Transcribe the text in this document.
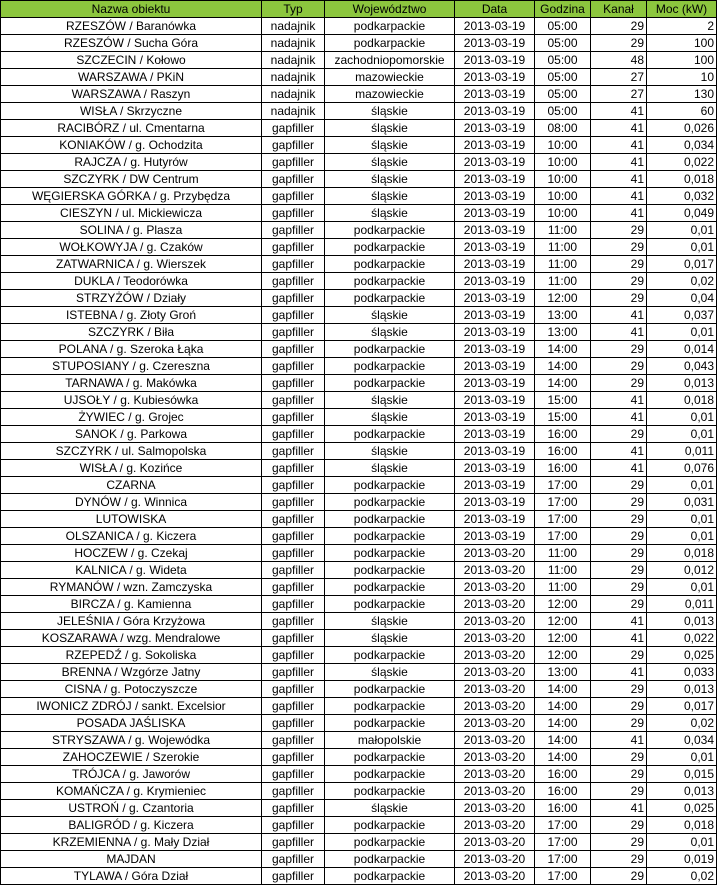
Nazwa obiektu	Typ	Województwo	Data	Godzina	Kanał	Moc (kW)
RZESZÓW / Baranówka	nadajnik	podkarpackie	2013-03-19	05:00	29	2
RZESZÓW / Sucha Góra	nadajnik	podkarpackie	2013-03-19	05:00	29	100
SZCZECIN / Kołowo	nadajnik	zachodniopomorskie	2013-03-19	05:00	48	100
WARSZAWA / PKiN	nadajnik	mazowieckie	2013-03-19	05:00	27	10
WARSZAWA / Raszyn	nadajnik	mazowieckie	2013-03-19	05:00	27	130
WISŁA / Skrzyczne	nadajnik	śląskie	2013-03-19	05:00	41	60
RACIBÓRZ / ul. Cmentarna	gapfiller	śląskie	2013-03-19	08:00	41	0,026
KONIAKÓW / g. Ochodzita	gapfiller	śląskie	2013-03-19	10:00	41	0,034
RAJCZA / g. Hutyrów	gapfiller	śląskie	2013-03-19	10:00	41	0,022
SZCZYRK / DW Centrum	gapfiller	śląskie	2013-03-19	10:00	41	0,018
WĘGIERSKA GÓRKA / g. Przybędza	gapfiller	śląskie	2013-03-19	10:00	41	0,032
CIESZYN / ul. Mickiewicza	gapfiller	śląskie	2013-03-19	10:00	41	0,049
SOLINA / g. Plasza	gapfiller	podkarpackie	2013-03-19	11:00	29	0,01
WOŁKOWYJA / g. Czaków	gapfiller	podkarpackie	2013-03-19	11:00	29	0,01
ZATWARNICA / g. Wierszek	gapfiller	podkarpackie	2013-03-19	11:00	29	0,017
DUKLA / Teodorówka	gapfiller	podkarpackie	2013-03-19	11:00	29	0,02
STRZYŻÓW / Działy	gapfiller	podkarpackie	2013-03-19	12:00	29	0,04
ISTEBNA / g. Złoty Groń	gapfiller	śląskie	2013-03-19	13:00	41	0,037
SZCZYRK / Biła	gapfiller	śląskie	2013-03-19	13:00	41	0,01
POLANA / g. Szeroka Łąka	gapfiller	podkarpackie	2013-03-19	14:00	29	0,014
STUPOSIANY / g. Czereszna	gapfiller	podkarpackie	2013-03-19	14:00	29	0,043
TARNAWA / g. Makówka	gapfiller	podkarpackie	2013-03-19	14:00	29	0,013
UJSOŁY / g. Kubiesówka	gapfiller	śląskie	2013-03-19	15:00	41	0,018
ŻYWIEC / g. Grojec	gapfiller	śląskie	2013-03-19	15:00	41	0,01
SANOK / g. Parkowa	gapfiller	podkarpackie	2013-03-19	16:00	29	0,01
SZCZYRK / ul. Salmopolska	gapfiller	śląskie	2013-03-19	16:00	41	0,011
WISŁA / g. Kozińce	gapfiller	śląskie	2013-03-19	16:00	41	0,076
CZARNA	gapfiller	podkarpackie	2013-03-19	17:00	29	0,01
DYNÓW / g. Winnica	gapfiller	podkarpackie	2013-03-19	17:00	29	0,031
LUTOWISKA	gapfiller	podkarpackie	2013-03-19	17:00	29	0,01
OLSZANICA / g. Kiczera	gapfiller	podkarpackie	2013-03-19	17:00	29	0,01
HOCZEW / g. Czekaj	gapfiller	podkarpackie	2013-03-20	11:00	29	0,018
KALNICA / g. Wideta	gapfiller	podkarpackie	2013-03-20	11:00	29	0,012
RYMANÓW / wzn. Zamczyska	gapfiller	podkarpackie	2013-03-20	11:00	29	0,01
BIRCZA / g. Kamienna	gapfiller	podkarpackie	2013-03-20	12:00	29	0,011
JELEŚNIA / Góra Krzyżowa	gapfiller	śląskie	2013-03-20	12:00	41	0,013
KOSZARAWA / wzg. Mendralowe	gapfiller	śląskie	2013-03-20	12:00	41	0,022
RZEPEDŹ / g. Sokoliska	gapfiller	podkarpackie	2013-03-20	12:00	29	0,025
BRENNA / Wzgórze Jatny	gapfiller	śląskie	2013-03-20	13:00	41	0,033
CISNA / g. Potoczyszcze	gapfiller	podkarpackie	2013-03-20	14:00	29	0,013
IWONICZ ZDRÓJ / sankt. Excelsior	gapfiller	podkarpackie	2013-03-20	14:00	29	0,017
POSADA JAŚLISKA	gapfiller	podkarpackie	2013-03-20	14:00	29	0,02
STRYSZAWA / g. Wojewódka	gapfiller	małopolskie	2013-03-20	14:00	41	0,034
ZAHOCZEWIE / Szerokie	gapfiller	podkarpackie	2013-03-20	14:00	29	0,01
TRÓJCA / g. Jaworów	gapfiller	podkarpackie	2013-03-20	16:00	29	0,015
KOMAŃCZA / g. Krymieniec	gapfiller	podkarpackie	2013-03-20	16:00	29	0,013
USTROŃ / g. Czantoria	gapfiller	śląskie	2013-03-20	16:00	41	0,025
BALIGRÓD / g. Kiczera	gapfiller	podkarpackie	2013-03-20	17:00	29	0,018
KRZEMIENNA / g. Mały Dział	gapfiller	podkarpackie	2013-03-20	17:00	29	0,01
MAJDAN	gapfiller	podkarpackie	2013-03-20	17:00	29	0,019
TYLAWA / Góra Dział	gapfiller	podkarpackie	2013-03-20	17:00	29	0,02
